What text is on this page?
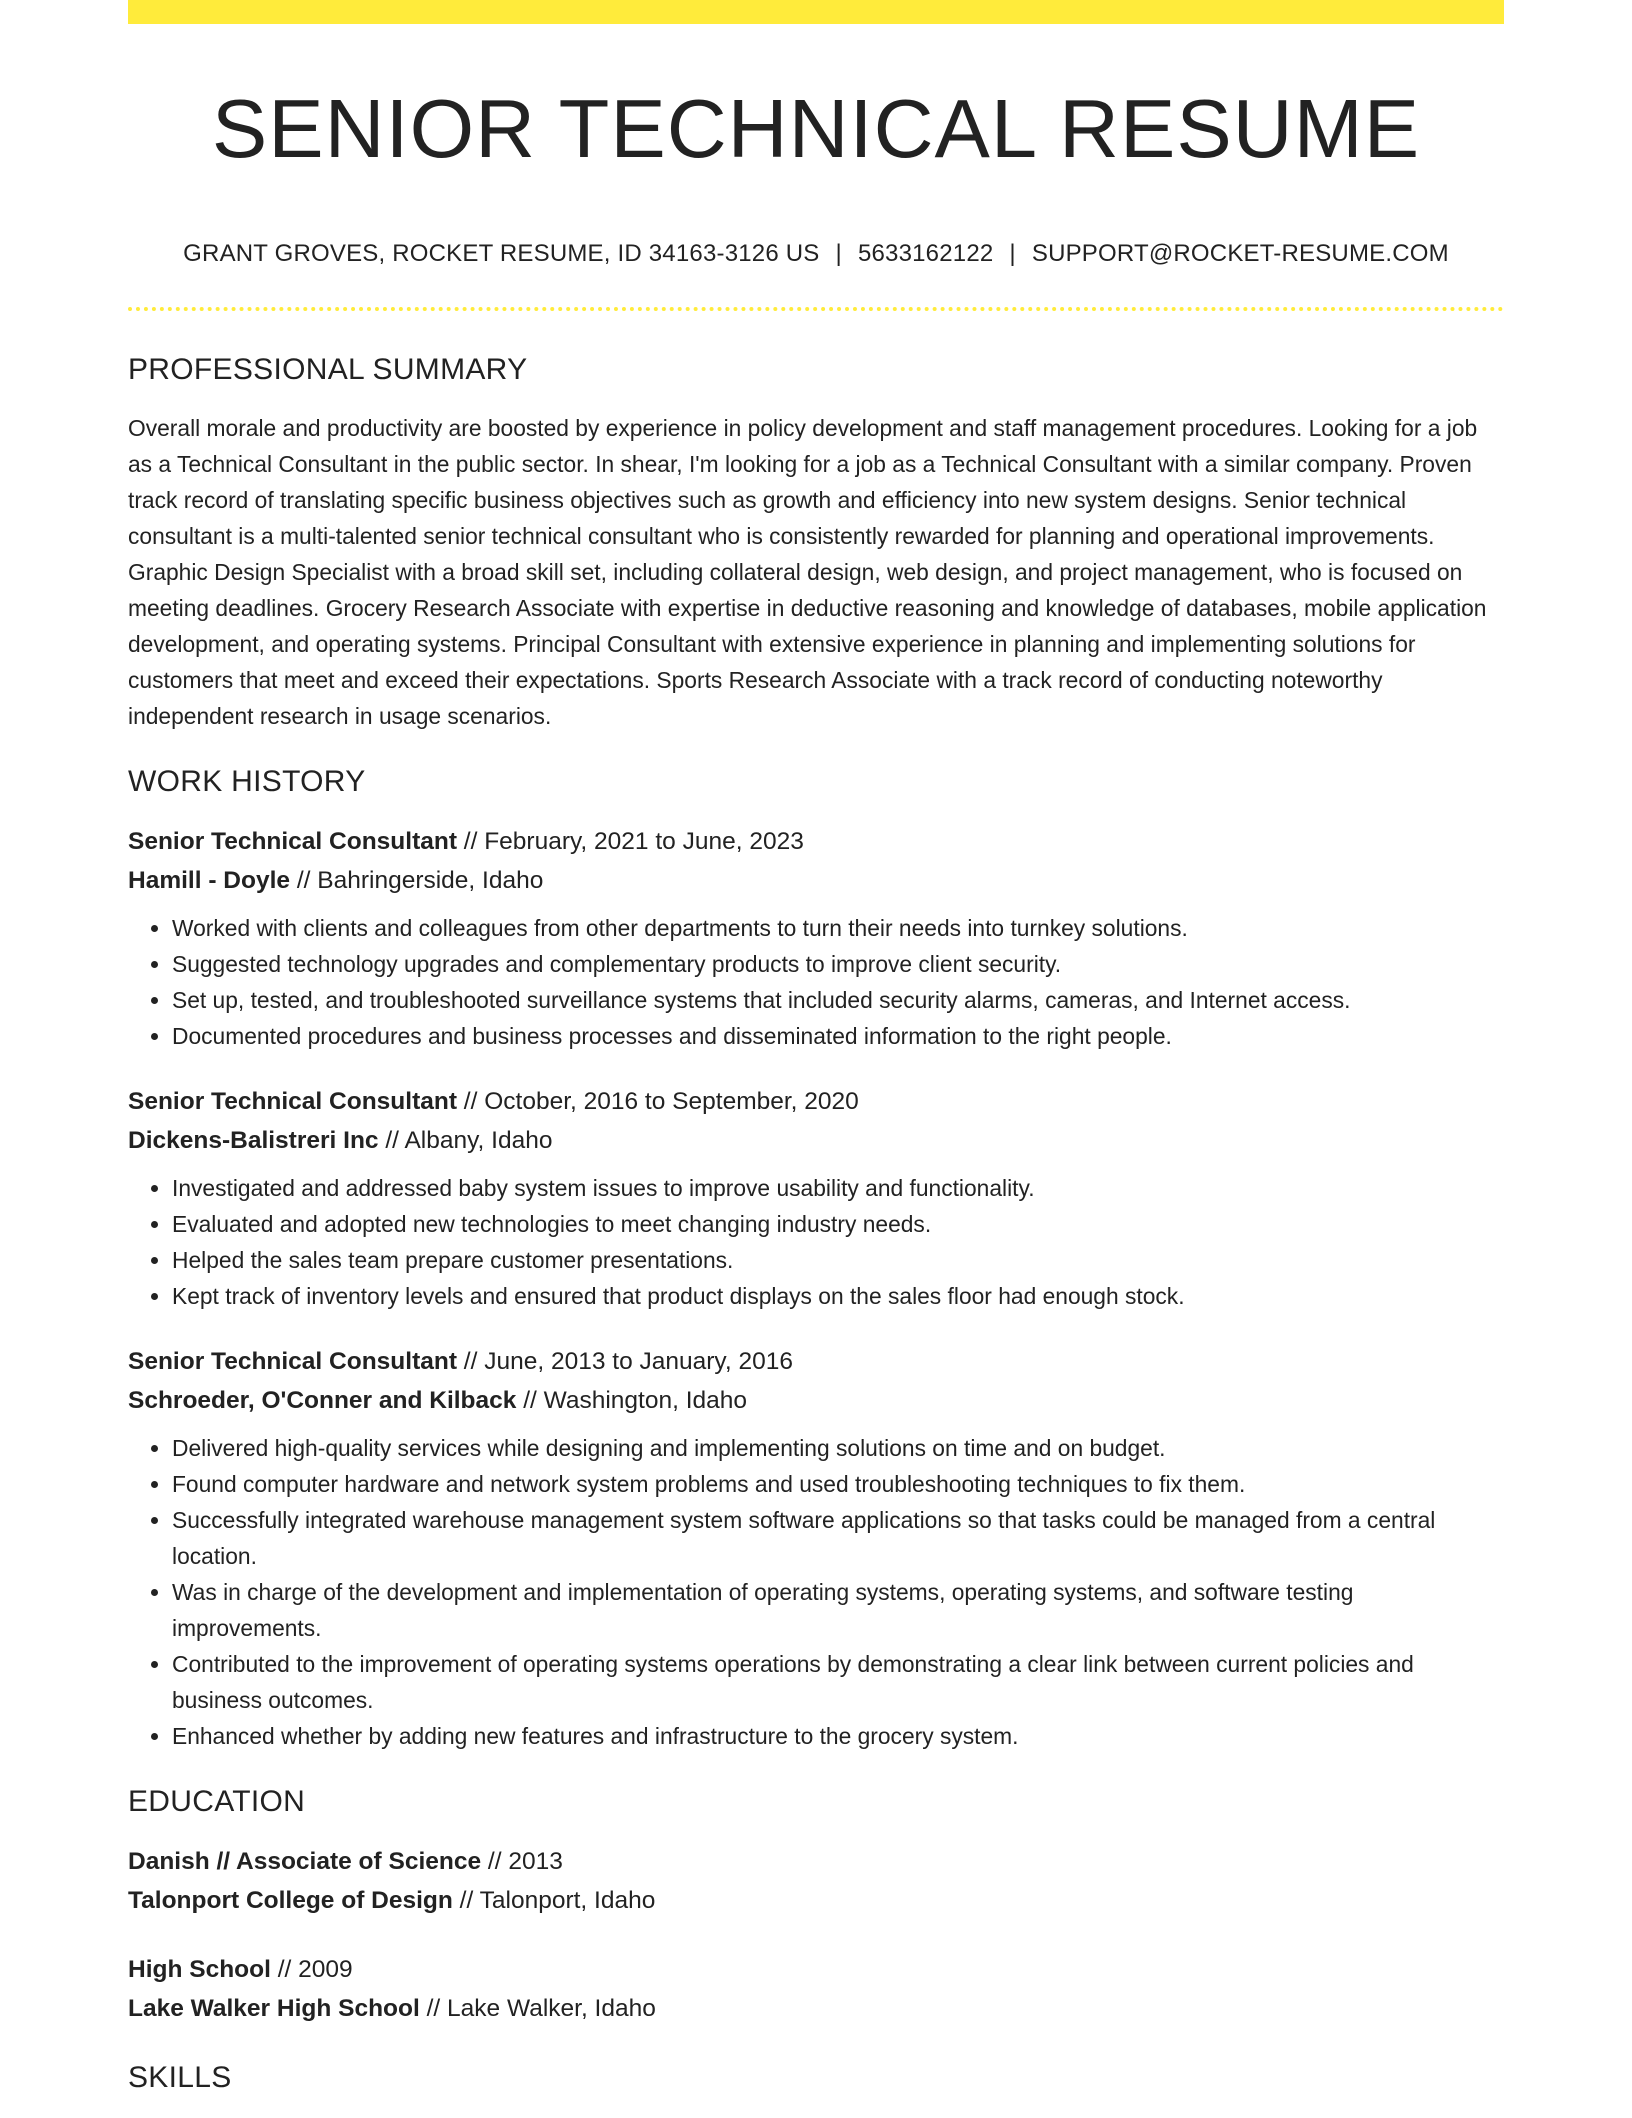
SENIOR TECHNICAL RESUME
GRANT GROVES, ROCKET RESUME, ID 34163-3126 US | 5633162122 | SUPPORT@ROCKET-RESUME.COM
PROFESSIONAL SUMMARY

Overall morale and productivity are boosted by experience in policy development and staff management procedures. Looking for a job as a Technical Consultant in the public sector. In shear, I'm looking for a job as a Technical Consultant with a similar company. Proven track record of translating specific business objectives such as growth and efficiency into new system designs. Senior technical consultant is a multi-talented senior technical consultant who is consistently rewarded for planning and operational improvements. Graphic Design Specialist with a broad skill set, including collateral design, web design, and project management, who is focused on meeting deadlines. Grocery Research Associate with expertise in deductive reasoning and knowledge of databases, mobile application development, and operating systems. Principal Consultant with extensive experience in planning and implementing solutions for customers that meet and exceed their expectations. Sports Research Associate with a track record of conducting noteworthy independent research in usage scenarios.

WORK HISTORY
Senior Technical Consultant // February, 2021 to June, 2023
Hamill - Doyle // Bahringerside, Idaho
• Worked with clients and colleagues from other departments to turn their needs into turnkey solutions.
• Suggested technology upgrades and complementary products to improve client security.
• Set up, tested, and troubleshooted surveillance systems that included security alarms, cameras, and Internet access.
• Documented procedures and business processes and disseminated information to the right people.
Senior Technical Consultant // October, 2016 to September, 2020
Dickens-Balistreri Inc // Albany, Idaho
• Investigated and addressed baby system issues to improve usability and functionality.
• Evaluated and adopted new technologies to meet changing industry needs.
• Helped the sales team prepare customer presentations.
• Kept track of inventory levels and ensured that product displays on the sales floor had enough stock.
Senior Technical Consultant // June, 2013 to January, 2016
Schroeder, O'Conner and Kilback // Washington, Idaho
• Delivered high-quality services while designing and implementing solutions on time and on budget.
• Found computer hardware and network system problems and used troubleshooting techniques to fix them.
• Successfully integrated warehouse management system software applications so that tasks could be managed from a central location.
• Was in charge of the development and implementation of operating systems, operating systems, and software testing improvements.
• Contributed to the improvement of operating systems operations by demonstrating a clear link between current policies and business outcomes.
• Enhanced whether by adding new features and infrastructure to the grocery system.
EDUCATION
Danish // Associate of Science // 2013
Talonport College of Design // Talonport, Idaho
High School // 2009
Lake Walker High School // Lake Walker, Idaho
SKILLS
